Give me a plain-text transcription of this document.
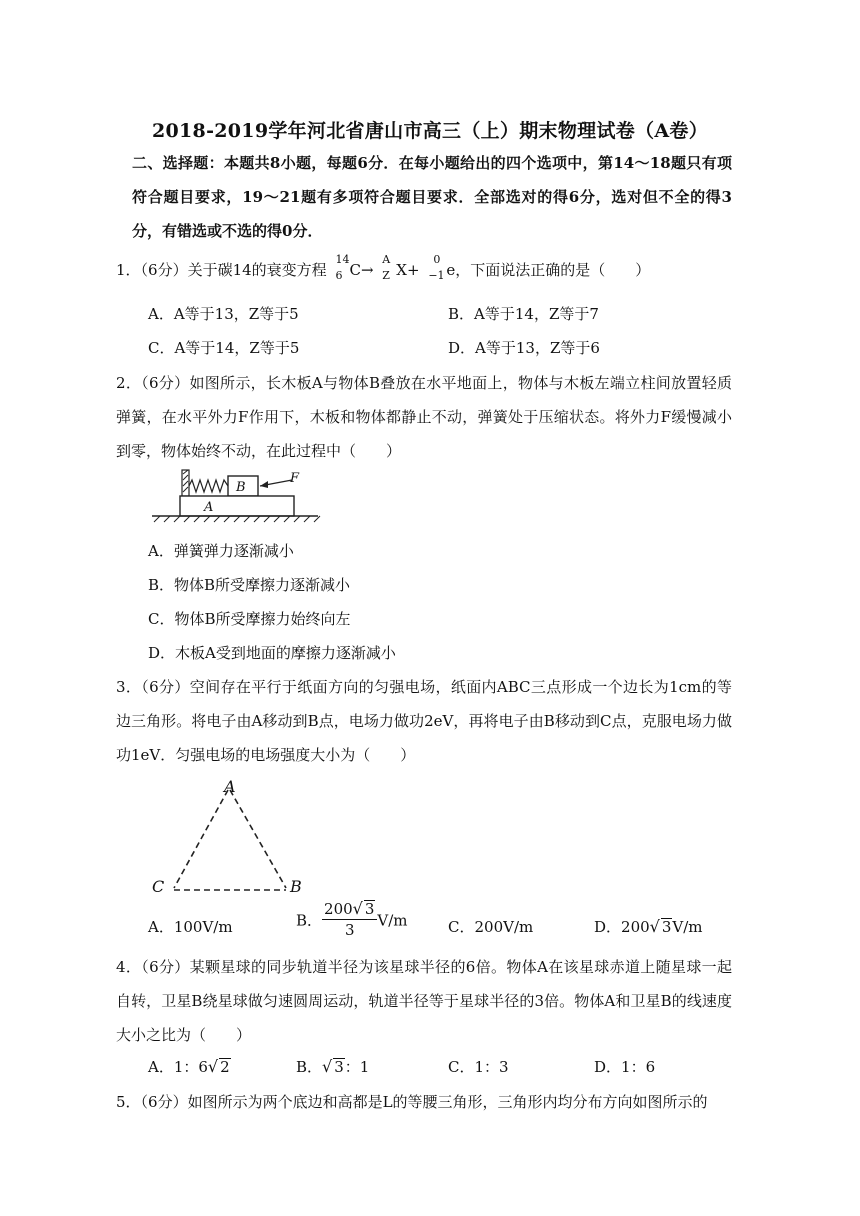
2018-2019学年河北省唐山市高三（上）期末物理试卷（A卷）
二、选择题：本题共8小题，每题6分．在每小题给出的四个选项中，第14～18题只有项符合题目要求，19～21题有多项符合题目要求．全部选对的得6分，选对但不全的得3分，有错选或不选的得0分．
1．（6分）关于碳14的衰变方程
14
6 C→
A
Z X+
0
−1 e，下面说法正确的是（　　）
A．A等于13，Z等于5	B．A等于14，Z等于7
C．A等于14，Z等于5	D．A等于13，Z等于6
2．（6分）如图所示，长木板A与物体B叠放在水平地面上，物体与木板左端立柱间放置轻质弹簧，在水平外力F作用下，木板和物体都静止不动，弹簧处于压缩状态。将外力F缓慢减小到零，物体始终不动，在此过程中（　　）
B
F
A
A．弹簧弹力逐渐减小
B．物体B所受摩擦力逐渐减小
C．物体B所受摩擦力始终向左
D．木板A受到地面的摩擦力逐渐减小
3．（6分）空间存在平行于纸面方向的匀强电场，纸面内ABC三点形成一个边长为1cm的等边三角形。将电子由A移动到B点，电场力做功2eV，再将电子由B移动到C点，克服电场力做功1eV．匀强电场的电场强度大小为（　　）
A
C	B
A．100V/m	B． $\frac{200√ 3}{3} V/m$	C．200V/m	D．200√ 3V/m
4．（6分）某颗星球的同步轨道半径为该星球半径的6倍。物体A在该星球赤道上随星球一起自转，卫星B绕星球做匀速圆周运动，轨道半径等于星球半径的3倍。物体A和卫星B的线速度大小之比为（　　）
A．1：6√ 2	B．√ 3：1	C．1：3	D．1：6
5．（6分）如图所示为两个底边和高都是L的等腰三角形，三角形内均分布方向如图所示的
